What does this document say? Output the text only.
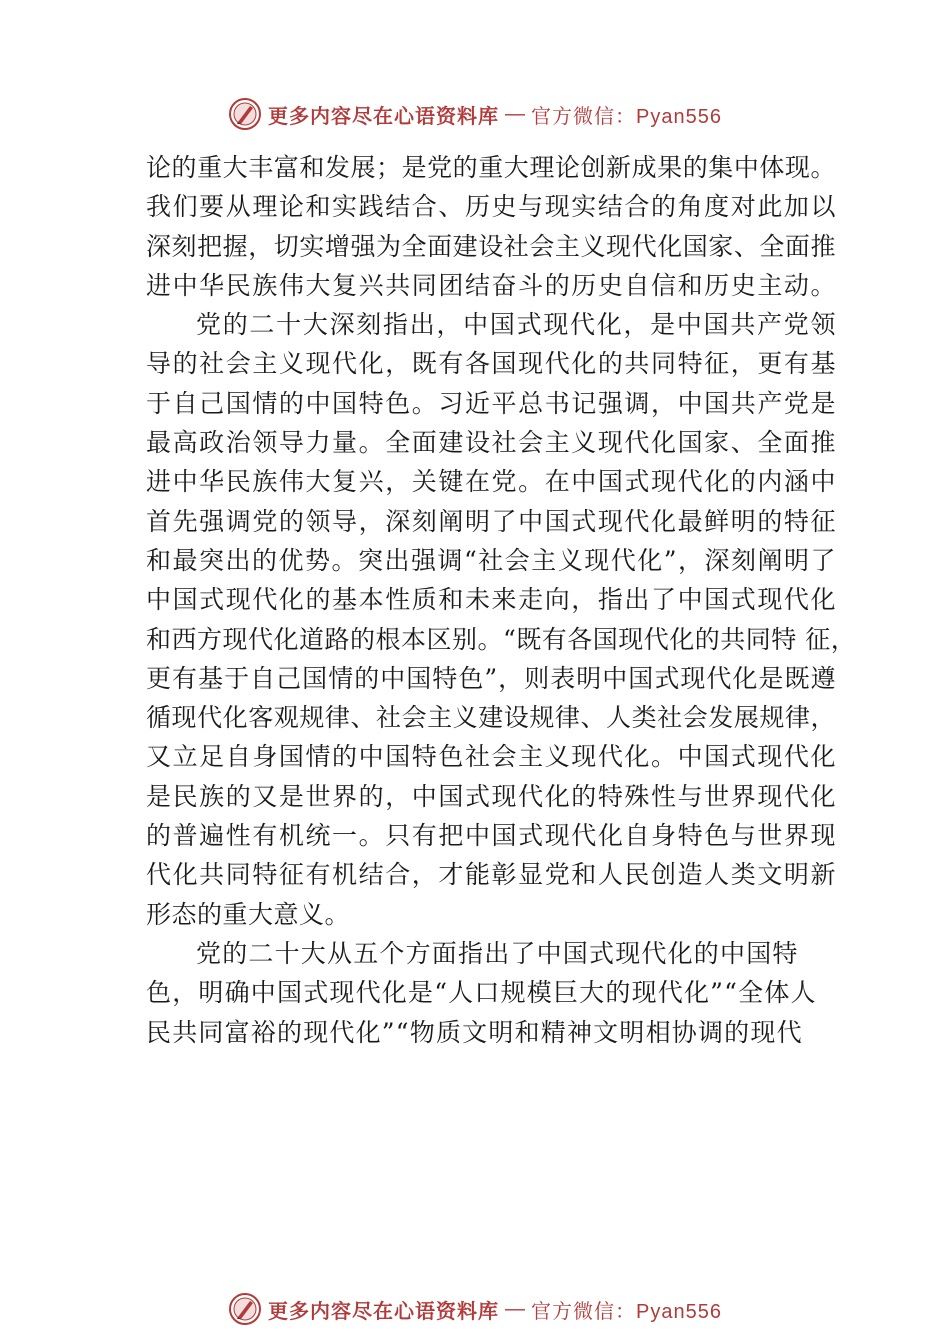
更多内容尽在心语资料库 — 官方微信：Pyan556
论的重大丰富和发展；是党的重大理论创新成果的集中体现。
我们要从理论和实践结合、历史与现实结合的角度对此加以
深刻把握，切实增强为全面建设社会主义现代化国家、全面推
进中华民族伟大复兴共同团结奋斗的历史自信和历史主动。
党的二十大深刻指出，中国式现代化，是中国共产党领
导的社会主义现代化，既有各国现代化的共同特征，更有基
于自己国情的中国特色。习近平总书记强调，中国共产党是
最高政治领导力量。全面建设社会主义现代化国家、全面推
进中华民族伟大复兴，关键在党。在中国式现代化的内涵中
首先强调党的领导，深刻阐明了中国式现代化最鲜明的特征
和最突出的优势。突出强调“社会主义现代化”，深刻阐明了
中国式现代化的基本性质和未来走向，指出了中国式现代化
和西方现代化道路的根本区别。“既有各国现代化的共同特 征，
更有基于自己国情的中国特色”，则表明中国式现代化是既遵
循现代化客观规律、社会主义建设规律、人类社会发展规律，
又立足自身国情的中国特色社会主义现代化。中国式现代化
是民族的又是世界的，中国式现代化的特殊性与世界现代化
的普遍性有机统一。只有把中国式现代化自身特色与世界现
代化共同特征有机结合，才能彰显党和人民创造人类文明新
形态的重大意义。
党的二十大从五个方面指出了中国式现代化的中国特
色，明确中国式现代化是“人口规模巨大的现代化”“全体人
民共同富裕的现代化”“物质文明和精神文明相协调的现代
更多内容尽在心语资料库 — 官方微信：Pyan556
